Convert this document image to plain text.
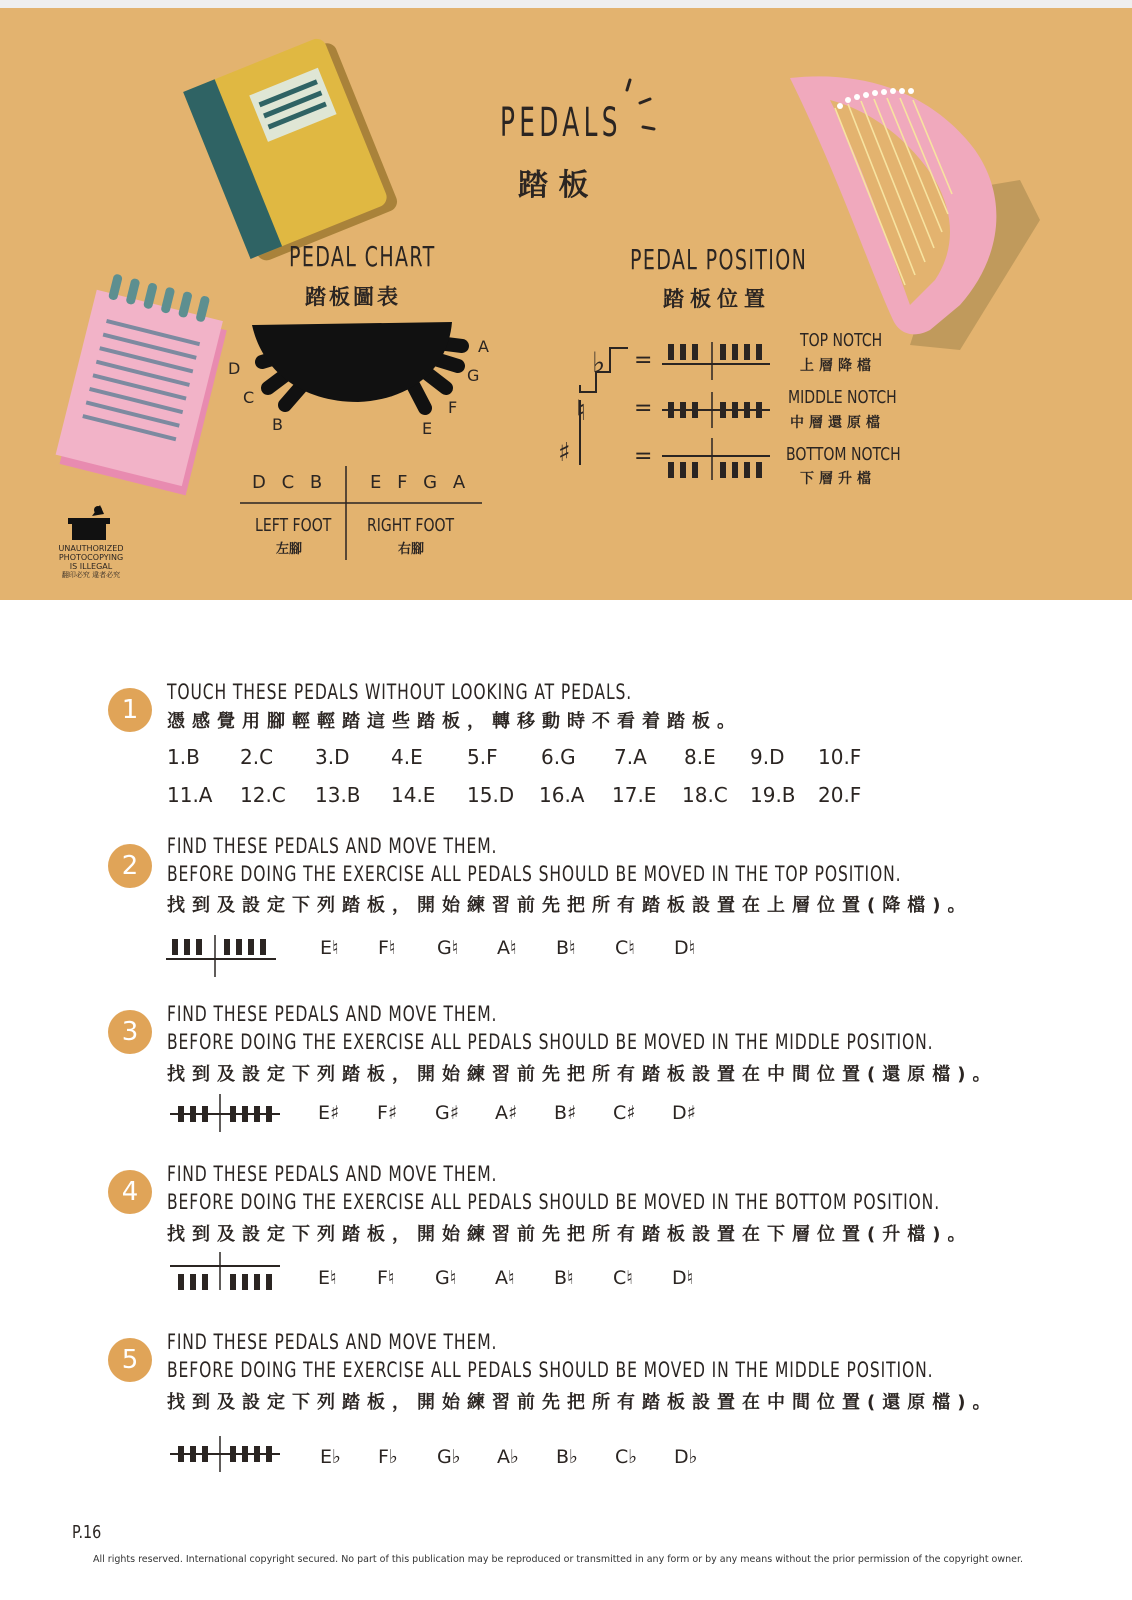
PEDALS
踏 板
PEDAL CHART
踏板圖表
PEDAL POSITION
踏板位置
D
C
B	E
F
G
A
D C B	E F G A
LEFT FOOT
左腳
RIGHT FOOT
右腳
♭
♮
♯
=
=
=
TOP NOTCH
上層降檔
MIDDLE NOTCH
中層還原檔
BOTTOM NOTCH
下層升檔
UNAUTHORIZED
PHOTOCOPYING
IS ILLEGAL
翻印必究 違者必究
1
TOUCH THESE PEDALS WITHOUT LOOKING AT PEDALS.
憑感覺用腳輕輕踏這些踏板，轉移動時不看着踏板。
1.B 2.C 3.D 4.E 5.F 6.G 7.A 8.E 9.D 10.F
11.A 12.C 13.B 14.E 15.D 16.A 17.E 18.C 19.B 20.F
2
FIND THESE PEDALS AND MOVE THEM.
BEFORE DOING THE EXERCISE ALL PEDALS SHOULD BE MOVED IN THE TOP POSITION.
找到及設定下列踏板，開始練習前先把所有踏板設置在上層位置(降檔)。
E♮ F♮ G♮ A♮ B♮ C♮ D♮
3
FIND THESE PEDALS AND MOVE THEM.
BEFORE DOING THE EXERCISE ALL PEDALS SHOULD BE MOVED IN THE MIDDLE POSITION.
找到及設定下列踏板，開始練習前先把所有踏板設置在中間位置(還原檔)。
E♯ F♯ G♯ A♯ B♯ C♯ D♯
4
FIND THESE PEDALS AND MOVE THEM.
BEFORE DOING THE EXERCISE ALL PEDALS SHOULD BE MOVED IN THE BOTTOM POSITION.
找到及設定下列踏板，開始練習前先把所有踏板設置在下層位置(升檔)。
E♮ F♮ G♮ A♮ B♮ C♮ D♮
5
FIND THESE PEDALS AND MOVE THEM.
BEFORE DOING THE EXERCISE ALL PEDALS SHOULD BE MOVED IN THE MIDDLE POSITION.
找到及設定下列踏板，開始練習前先把所有踏板設置在中間位置(還原檔)。
E♭ F♭ G♭ A♭ B♭ C♭ D♭
P.16
All rights reserved. International copyright secured. No part of this publication may be reproduced or transmitted in any form or by any means without the prior permission of the copyright owner.
